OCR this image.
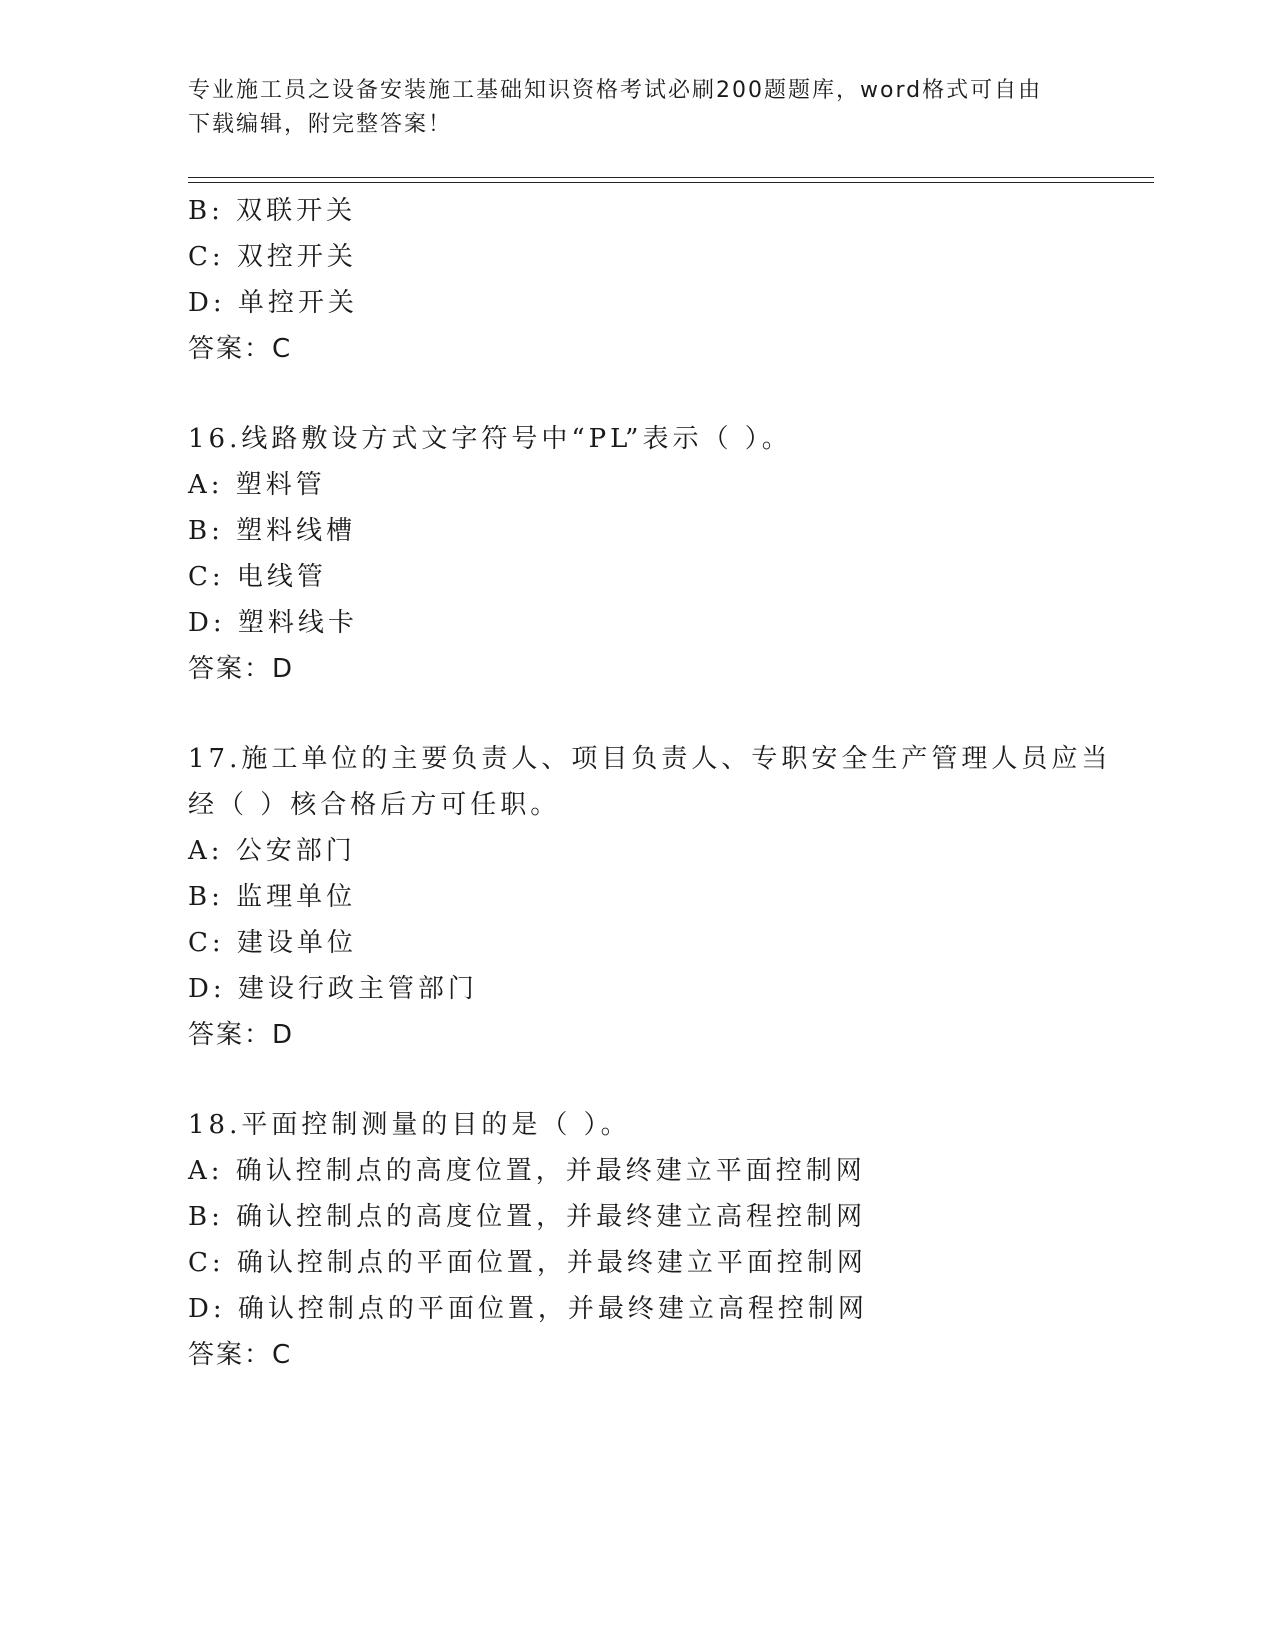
专业施工员之设备安装施工基础知识资格考试必刷200题题库，word格式可自由
下载编辑，附完整答案！
B: 双联开关
C: 双控开关
D: 单控开关
答案：C
16.线路敷设方式文字符号中“PL”表示（ ）。
A: 塑料管
B: 塑料线槽
C: 电线管
D: 塑料线卡
答案：D
17.施工单位的主要负责人、项目负责人、专职安全生产管理人员应当
经（ ）核合格后方可任职。
A: 公安部门
B: 监理单位
C: 建设单位
D: 建设行政主管部门
答案：D
18.平面控制测量的目的是（ ）。
A: 确认控制点的高度位置，并最终建立平面控制网
B: 确认控制点的高度位置，并最终建立高程控制网
C: 确认控制点的平面位置，并最终建立平面控制网
D: 确认控制点的平面位置，并最终建立高程控制网
答案：C
